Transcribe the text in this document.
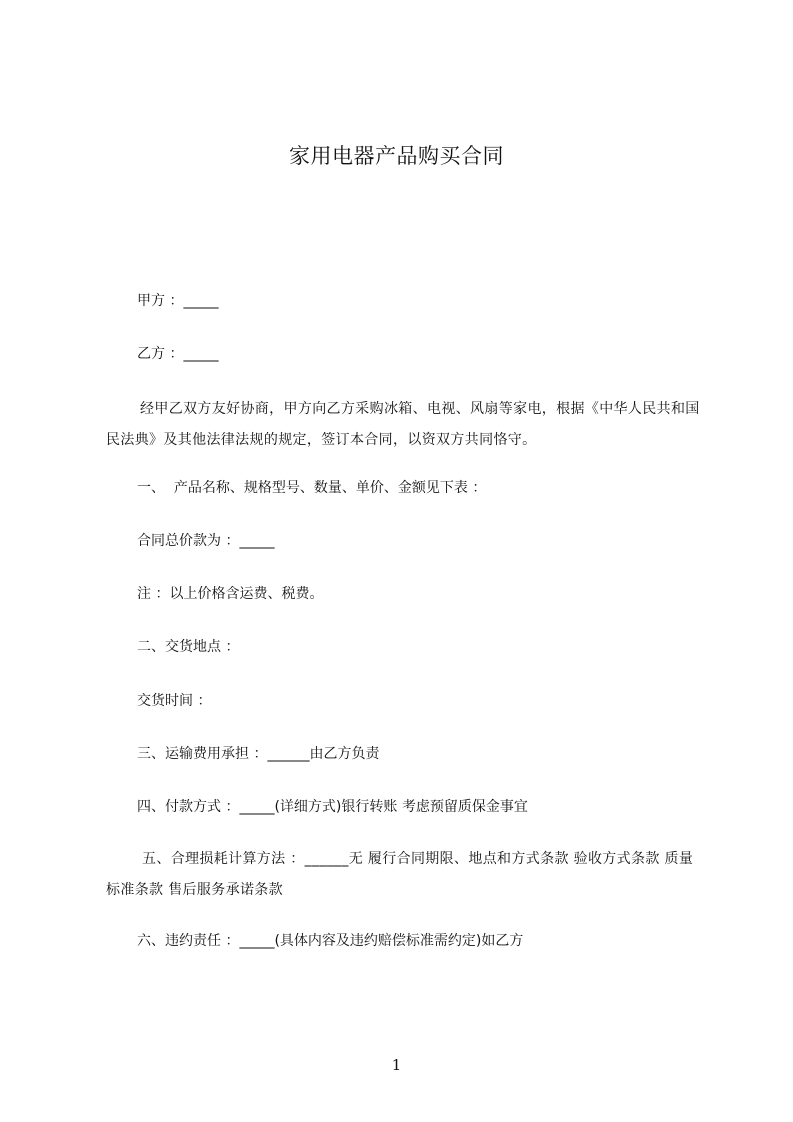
家用电器产品购买合同
甲方 ：_____
乙方 ：_____
经甲乙双方友好协商，甲方向乙方采购冰箱、电视、风扇等家电，根据《中华人民共和国民法典》及其他法律法规的规定，签订本合同，以资双方共同恪守。
一、  产品名称、规格型号、数量、单价、金额见下表 ：
合同总价款为 ：_____
注 ：以上价格含运费、税费。
二、交货地点 ：
交货时间 ：
三、运输费用承担 ：______由乙方负责
四、付款方式 ：_____(详细方式)银行转账 考虑预留质保金事宜
五、合理损耗计算方法 ：______无 履行合同期限、地点和方式条款 验收方式条款 质量标准条款 售后服务承诺条款
六、违约责任 ：_____(具体内容及违约赔偿标准需约定)如乙方
1
